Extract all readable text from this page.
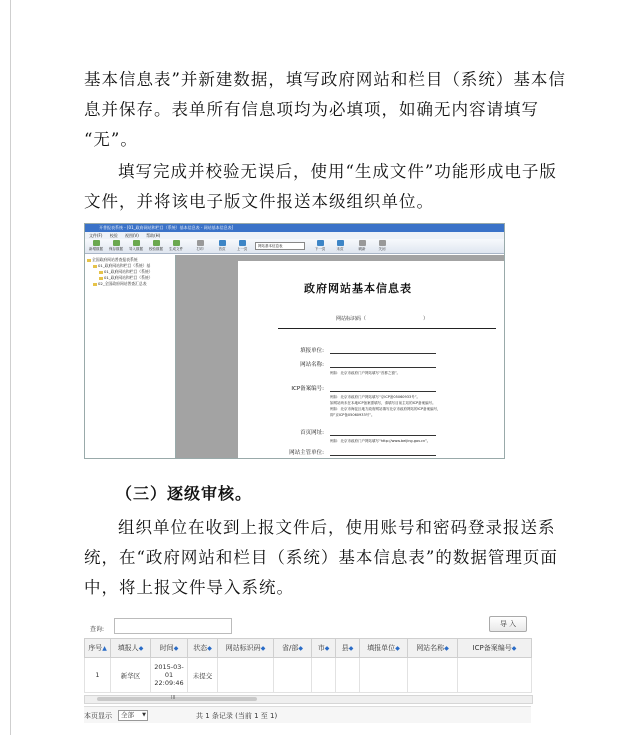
基本信息表”并新建数据，填写政府网站和栏目（系统）基本信
息并保存。表单所有信息项均为必填项，如确无内容请填写
“无”。
填写完成并校验无误后，使用“生成文件”功能形成电子版
文件，并将该电子版文件报送本级组织单位。
开普报表系统 - [01_政府网站和栏目（系统）基本信息表 - 网站基本信息表]
文件(F) 校验 视图(V) 帮助(H)
新增数据	保存数据	导入数据	校验数据	生成文件	打印	首页	上一页
网站基本信息表
下一页	末页	刷新	关闭
全国政府网站普查报表系统
01_政府网站和栏目（系统）基
01_政府网站和栏目（系统）
01_政府网站和栏目（系统）
02_全国政府网站普查汇总表	政府网站基本信息表
网站标识码（	）
填报单位:
网站名称:
例如：北京市政府门户网站填写“首都之窗”。
ICP备案编号:
例如：北京市政府门户网站填写“京ICP备05060933号”。
如网站尚未在本地ICP备案需填写，请填写目前主站的ICP备案编号。
例如：北京市海淀区地方政府网站填写北京市政府网站的ICP备案编号，
即“京ICP备05060933号”。
首页网址:
例如：北京市政府门户网站填写“http://www.beijing.gov.cn”。
网站主管单位:
（三）逐级审核。
组织单位在收到上报文件后，使用账号和密码登录报送系
统，在“政府网站和栏目（系统）基本信息表”的数据管理页面
中，将上报文件导入系统。
查询:
导 入
序号▲	填报人◆	时间◆	状态◆	网站标识码◆	省/部◆	市◆	县◆	填报单位◆	网站名称◆	ICP备案编号◆
1	新华区	2015-03-01 22:09:46	未提交							
III
本页显示	全部 ▼	共 1 条记录 (当前 1 至 1)
